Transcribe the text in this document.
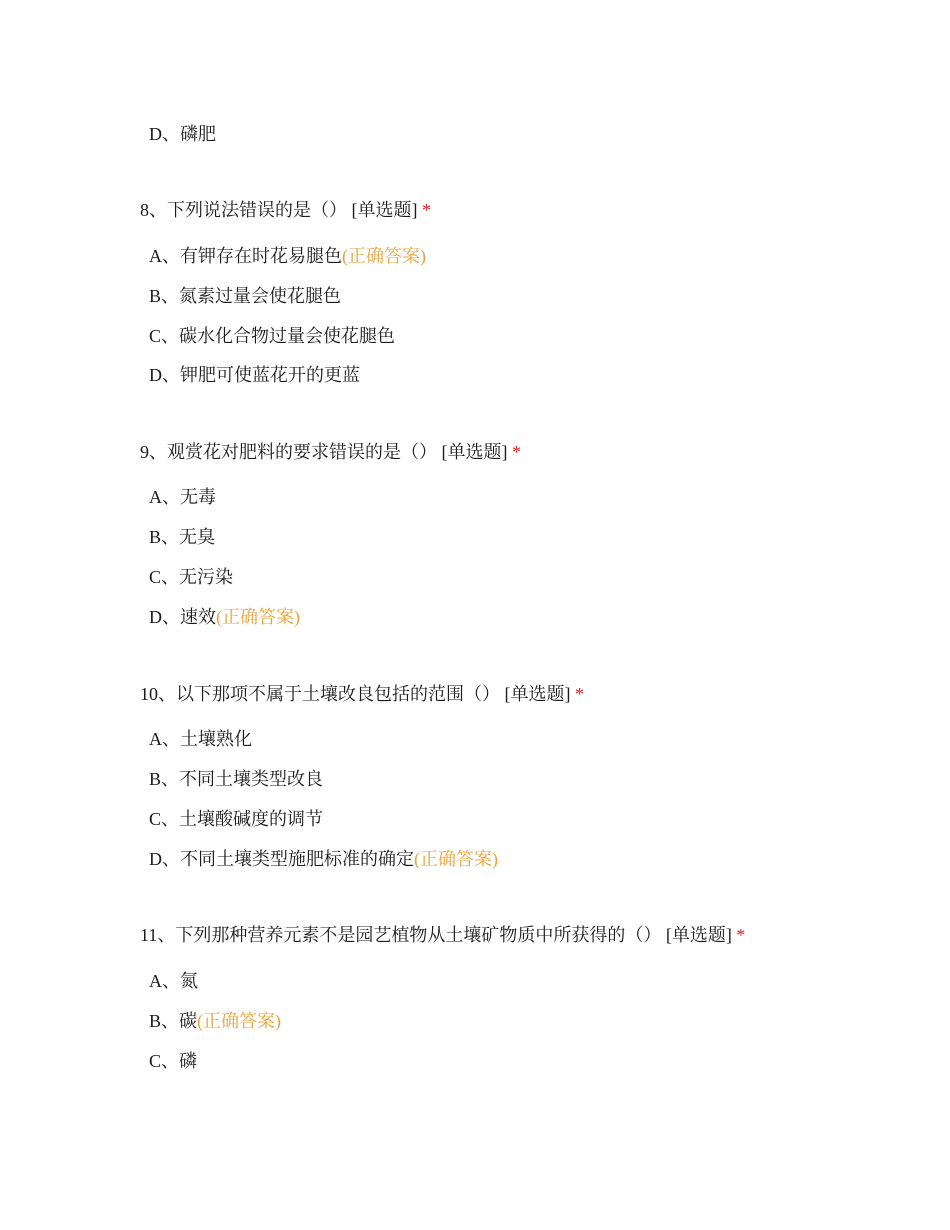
D、磷肥
8、下列说法错误的是（） [单选题] *
A、有钾存在时花易腿色(正确答案)
B、氮素过量会使花腿色
C、碳水化合物过量会使花腿色
D、钾肥可使蓝花开的更蓝
9、观赏花对肥料的要求错误的是（） [单选题] *
A、无毒
B、无臭
C、无污染
D、速效(正确答案)
10、以下那项不属于土壤改良包括的范围（） [单选题] *
A、土壤熟化
B、不同土壤类型改良
C、土壤酸碱度的调节
D、不同土壤类型施肥标准的确定(正确答案)
11、下列那种营养元素不是园艺植物从土壤矿物质中所获得的（） [单选题] *
A、氮
B、碳(正确答案)
C、磷
